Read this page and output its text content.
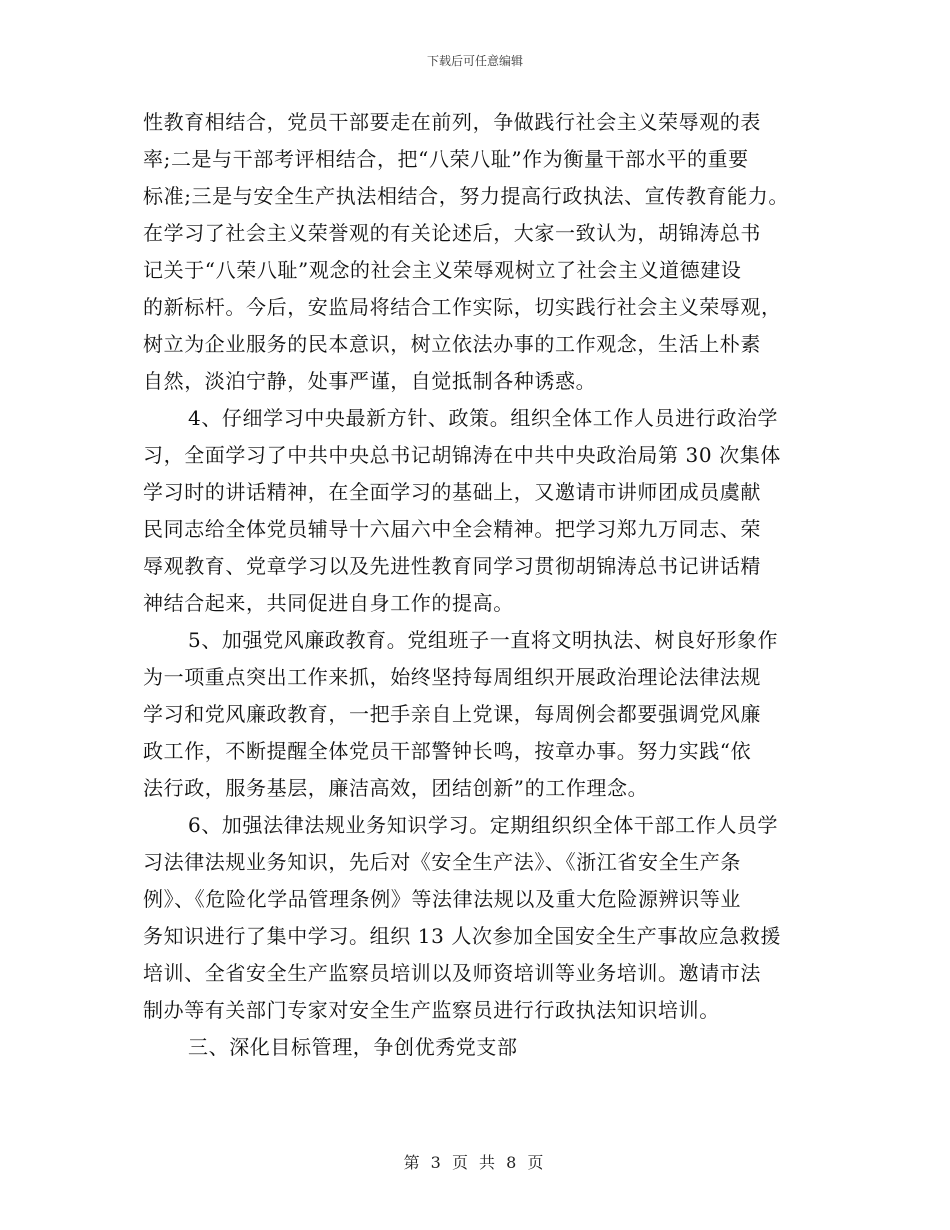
下载后可任意编辑
性教育相结合，党员干部要走在前列，争做践行社会主义荣辱观的表
率;二是与干部考评相结合，把“八荣八耻”作为衡量干部水平的重要
标准;三是与安全生产执法相结合，努力提高行政执法、宣传教育能力。
在学习了社会主义荣誉观的有关论述后，大家一致认为，胡锦涛总书
记关于“八荣八耻”观念的社会主义荣辱观树立了社会主义道德建设
的新标杆。今后，安监局将结合工作实际，切实践行社会主义荣辱观，
树立为企业服务的民本意识，树立依法办事的工作观念，生活上朴素
自然，淡泊宁静，处事严谨，自觉抵制各种诱惑。
4、仔细学习中央最新方针、政策。组织全体工作人员进行政治学
习，全面学习了中共中央总书记胡锦涛在中共中央政治局第 30 次集体
学习时的讲话精神，在全面学习的基础上，又邀请市讲师团成员虞献
民同志给全体党员辅导十六届六中全会精神。把学习郑九万同志、荣
辱观教育、党章学习以及先进性教育同学习贯彻胡锦涛总书记讲话精
神结合起来，共同促进自身工作的提高。
5、加强党风廉政教育。党组班子一直将文明执法、树良好形象作
为一项重点突出工作来抓，始终坚持每周组织开展政治理论法律法规
学习和党风廉政教育，一把手亲自上党课，每周例会都要强调党风廉
政工作，不断提醒全体党员干部警钟长鸣，按章办事。努力实践“依
法行政，服务基层，廉洁高效，团结创新”的工作理念。
6、加强法律法规业务知识学习。定期组织织全体干部工作人员学
习法律法规业务知识，先后对《安全生产法》、《浙江省安全生产条
例》、《危险化学品管理条例》等法律法规以及重大危险源辨识等业
务知识进行了集中学习。组织 13 人次参加全国安全生产事故应急救援
培训、全省安全生产监察员培训以及师资培训等业务培训。邀请市法
制办等有关部门专家对安全生产监察员进行行政执法知识培训。
三、深化目标管理，争创优秀党支部
第 3 页 共 8 页
